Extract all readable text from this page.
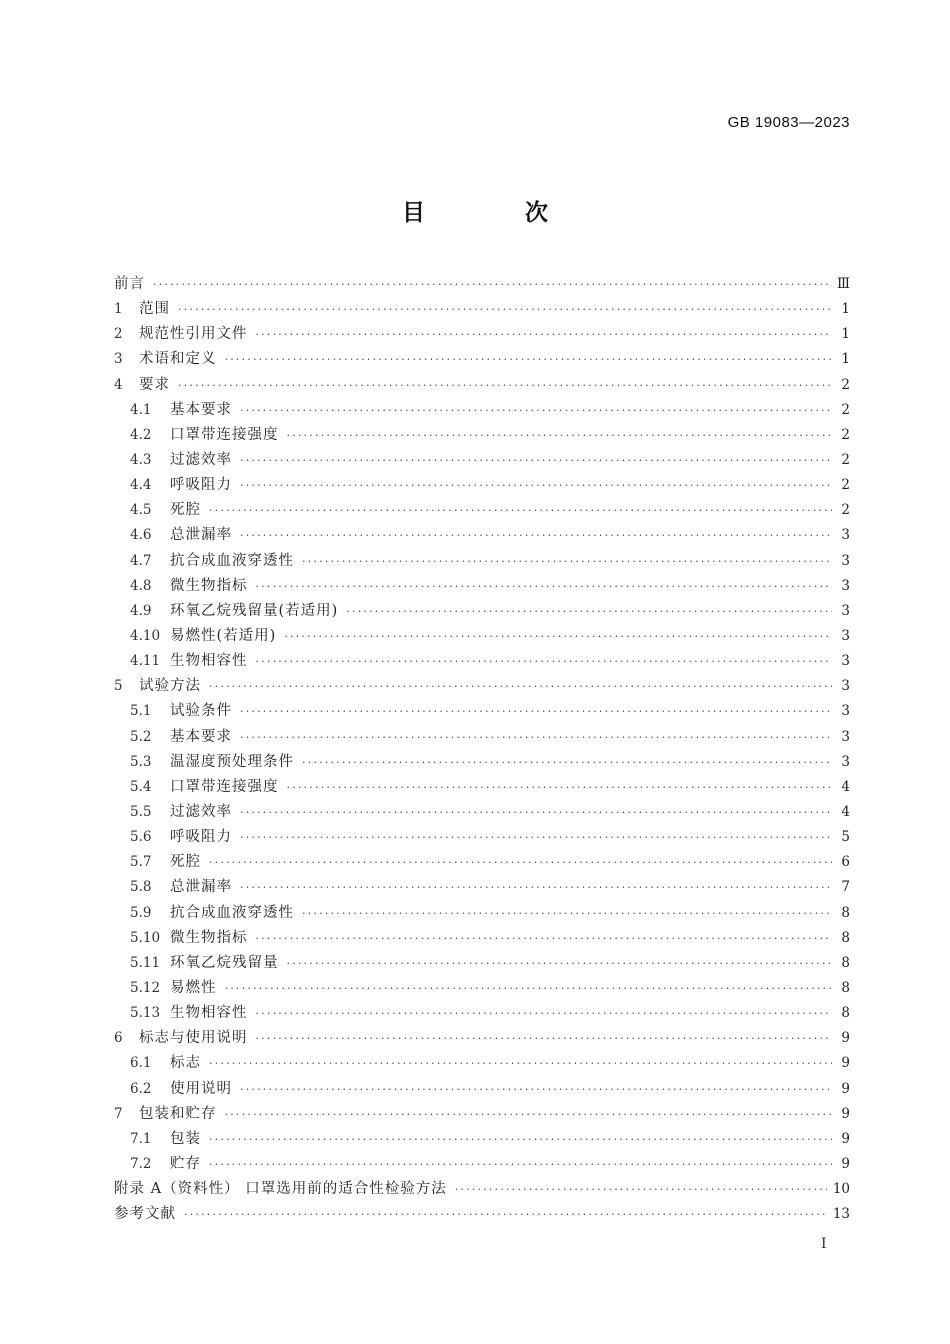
GB 19083—2023
目 次
前言 ·····	Ⅲ
1	范围 ·····	1
2	规范性引用文件 ·····	1
3	术语和定义 ·····	1
4	要求 ·····	2
4.1	基本要求 ·····	2
4.2	口罩带连接强度 ·····	2
4.3	过滤效率 ·····	2
4.4	呼吸阻力 ·····	2
4.5	死腔 ·····	2
4.6	总泄漏率 ·····	3
4.7	抗合成血液穿透性 ·····	3
4.8	微生物指标 ·····	3
4.9	环氧乙烷残留量(若适用) ·····	3
4.10 易燃性(若适用) ·····	3
4.11 生物相容性 ·····	3
5	试验方法 ·····	3
5.1	试验条件 ·····	3
5.2	基本要求 ·····	3
5.3	温湿度预处理条件 ·····	3
5.4	口罩带连接强度 ·····	4
5.5	过滤效率 ·····	4
5.6	呼吸阻力 ·····	5
5.7	死腔 ·····	6
5.8	总泄漏率 ·····	7
5.9	抗合成血液穿透性 ·····	8
5.10 微生物指标 ·····	8
5.11 环氧乙烷残留量 ·····	8
5.12 易燃性 ·····	8
5.13 生物相容性 ·····	8
6	标志与使用说明 ·····	9
6.1	标志 ·····	9
6.2	使用说明 ·····	9
7	包装和贮存 ·····	9
7.1	包装 ·····	9
7.2	贮存 ·····	9
附录 A（资料性） 口罩选用前的适合性检验方法 ·····	10
参考文献 ·····	13
Ⅰ
